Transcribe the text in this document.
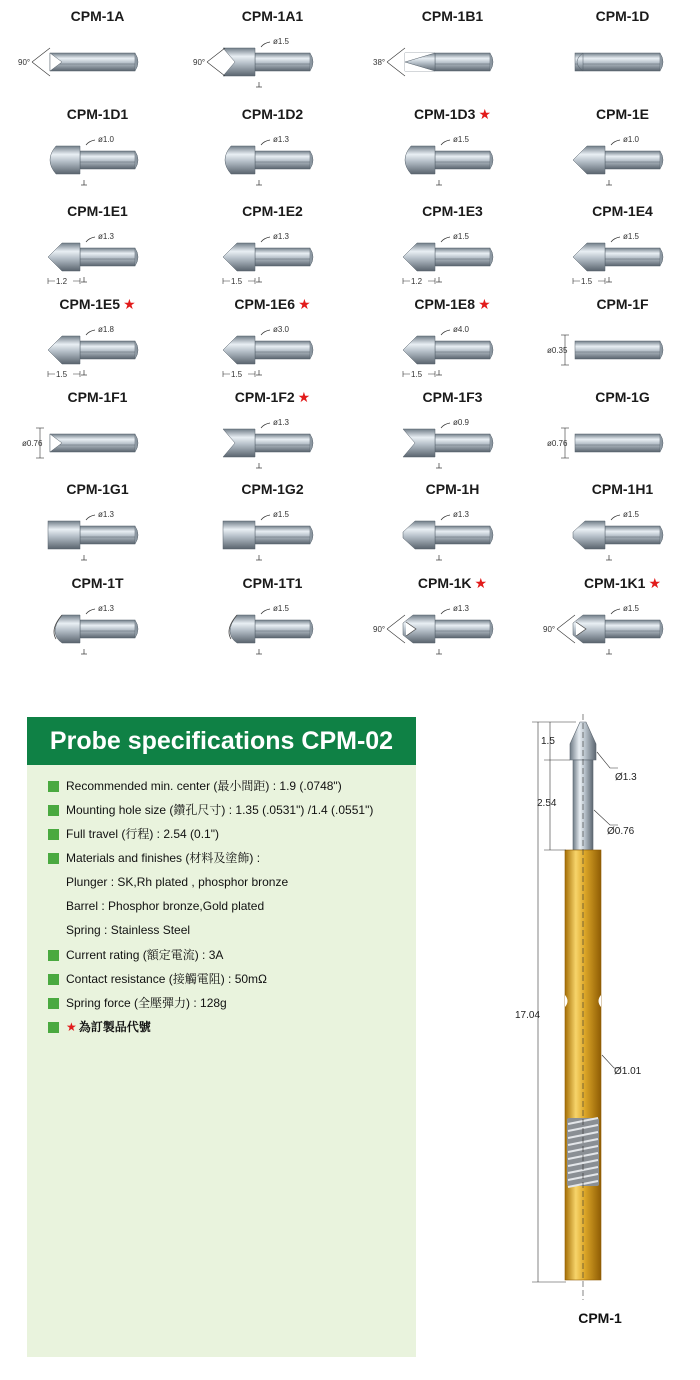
CPM-1A
90°
CPM-1A1
ø1.5
90°
CPM-1B1
38°
CPM-1D
CPM-1D1
ø1.0
CPM-1D2
ø1.3
CPM-1D3 ★
ø1.5
CPM-1E
ø1.0
CPM-1E1
ø1.3
1.2
CPM-1E2
ø1.3
1.5
CPM-1E3
ø1.5
1.2
CPM-1E4
ø1.5
1.5
CPM-1E5 ★
ø1.8
1.5
CPM-1E6 ★
ø3.0
1.5
CPM-1E8 ★
ø4.0
1.5
CPM-1F
ø0.35
CPM-1F1
ø0.76
CPM-1F2 ★
ø1.3
CPM-1F3
ø0.9
CPM-1G
ø0.76
CPM-1G1
ø1.3
CPM-1G2
ø1.5
CPM-1H
ø1.3
CPM-1H1
ø1.5
CPM-1T
ø1.3
CPM-1T1
ø1.5
CPM-1K ★
ø1.3
90°
CPM-1K1 ★
ø1.5
90°
Probe specifications CPM-02
Recommended min. center (最小間距) : 1.9 (.0748")
Mounting hole size (鑽孔尺寸) : 1.35 (.0531") /1.4 (.0551")
Full travel (行程) : 2.54 (0.1")
Materials and finishes (材料及塗飾) :
Plunger : SK,Rh plated , phosphor bronze
Barrel : Phosphor bronze,Gold plated
Spring : Stainless Steel
Current rating (額定電流) : 3A
Contact resistance (接觸電阻) : 50mΩ
Spring force (全壓彈力) : 128g
★ 為訂製品代號
1.5
2.54
17.04
Ø1.3
Ø0.76
Ø1.01
CPM-1
